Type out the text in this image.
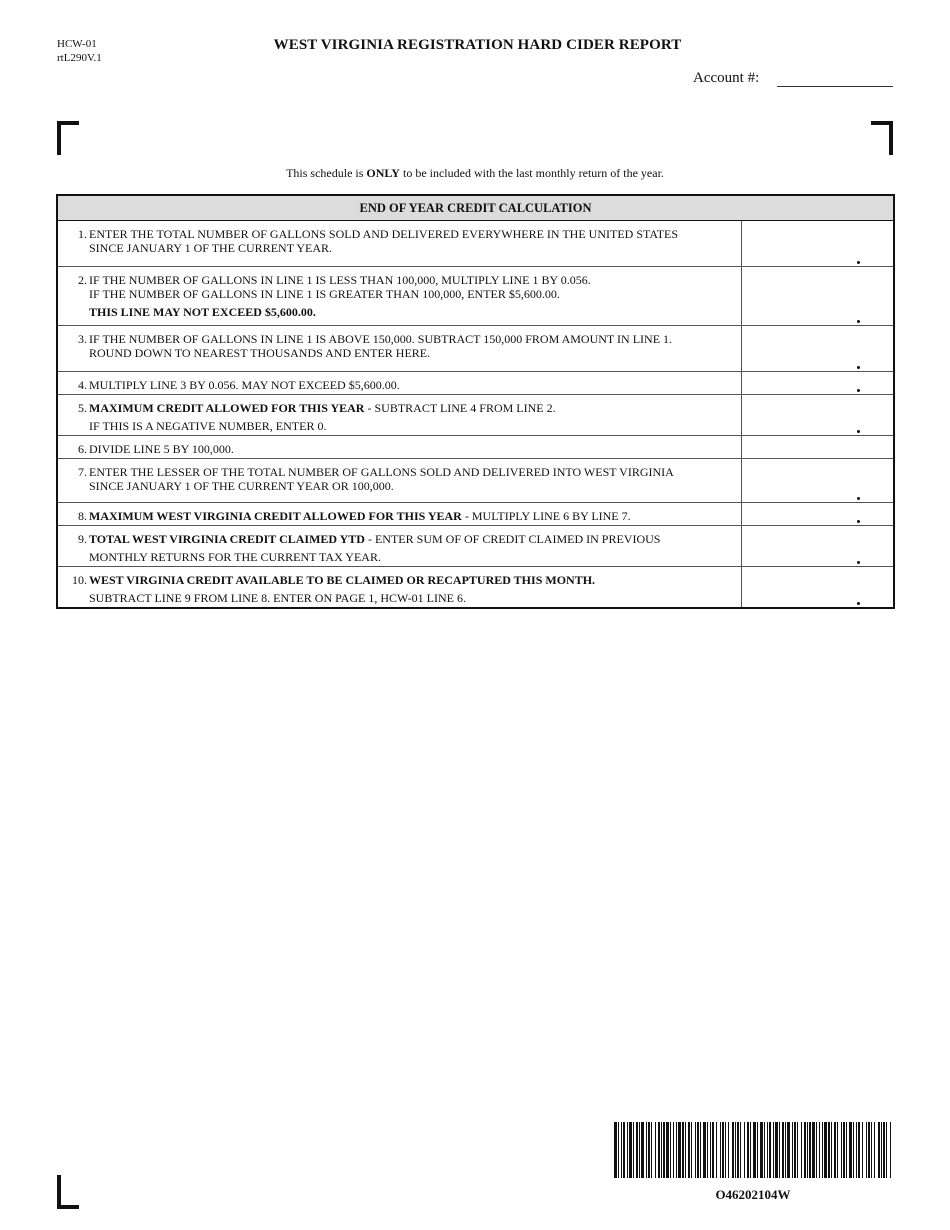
HCW-01
rtL290V.1
WEST VIRGINIA REGISTRATION HARD CIDER REPORT
Account #:
This schedule is ONLY to be included with the last monthly return of the year.
END OF YEAR CREDIT CALCULATION
1. ENTER THE TOTAL NUMBER OF GALLONS SOLD AND DELIVERED EVERYWHERE IN THE UNITED STATES

SINCE JANUARY 1 OF THE CURRENT YEAR.

2. IF THE NUMBER OF GALLONS IN LINE 1 IS LESS THAN 100,000, MULTIPLY LINE 1 BY 0.056.

IF THE NUMBER OF GALLONS IN LINE 1 IS GREATER THAN 100,000, ENTER $5,600.00.

THIS LINE MAY NOT EXCEED $5,600.00.

3. IF THE NUMBER OF GALLONS IN LINE 1 IS ABOVE 150,000. SUBTRACT 150,000 FROM AMOUNT IN LINE 1.

ROUND DOWN TO NEAREST THOUSANDS AND ENTER HERE.

4. MULTIPLY LINE 3 BY 0.056. MAY NOT EXCEED $5,600.00.

5. MAXIMUM CREDIT ALLOWED FOR THIS YEAR - SUBTRACT LINE 4 FROM LINE 2.

IF THIS IS A NEGATIVE NUMBER, ENTER 0.

6. DIVIDE LINE 5 BY 100,000.

7. ENTER THE LESSER OF THE TOTAL NUMBER OF GALLONS SOLD AND DELIVERED INTO WEST VIRGINIA

SINCE JANUARY 1 OF THE CURRENT YEAR OR 100,000.

8. MAXIMUM WEST VIRGINIA CREDIT ALLOWED FOR THIS YEAR - MULTIPLY LINE 6 BY LINE 7.

9. TOTAL WEST VIRGINIA CREDIT CLAIMED YTD - ENTER SUM OF OF CREDIT CLAIMED IN PREVIOUS

MONTHLY RETURNS FOR THE CURRENT TAX YEAR.

10. WEST VIRGINIA CREDIT AVAILABLE TO BE CLAIMED OR RECAPTURED THIS MONTH.

SUBTRACT LINE 9 FROM LINE 8. ENTER ON PAGE 1, HCW-01 LINE 6.

O46202104W
